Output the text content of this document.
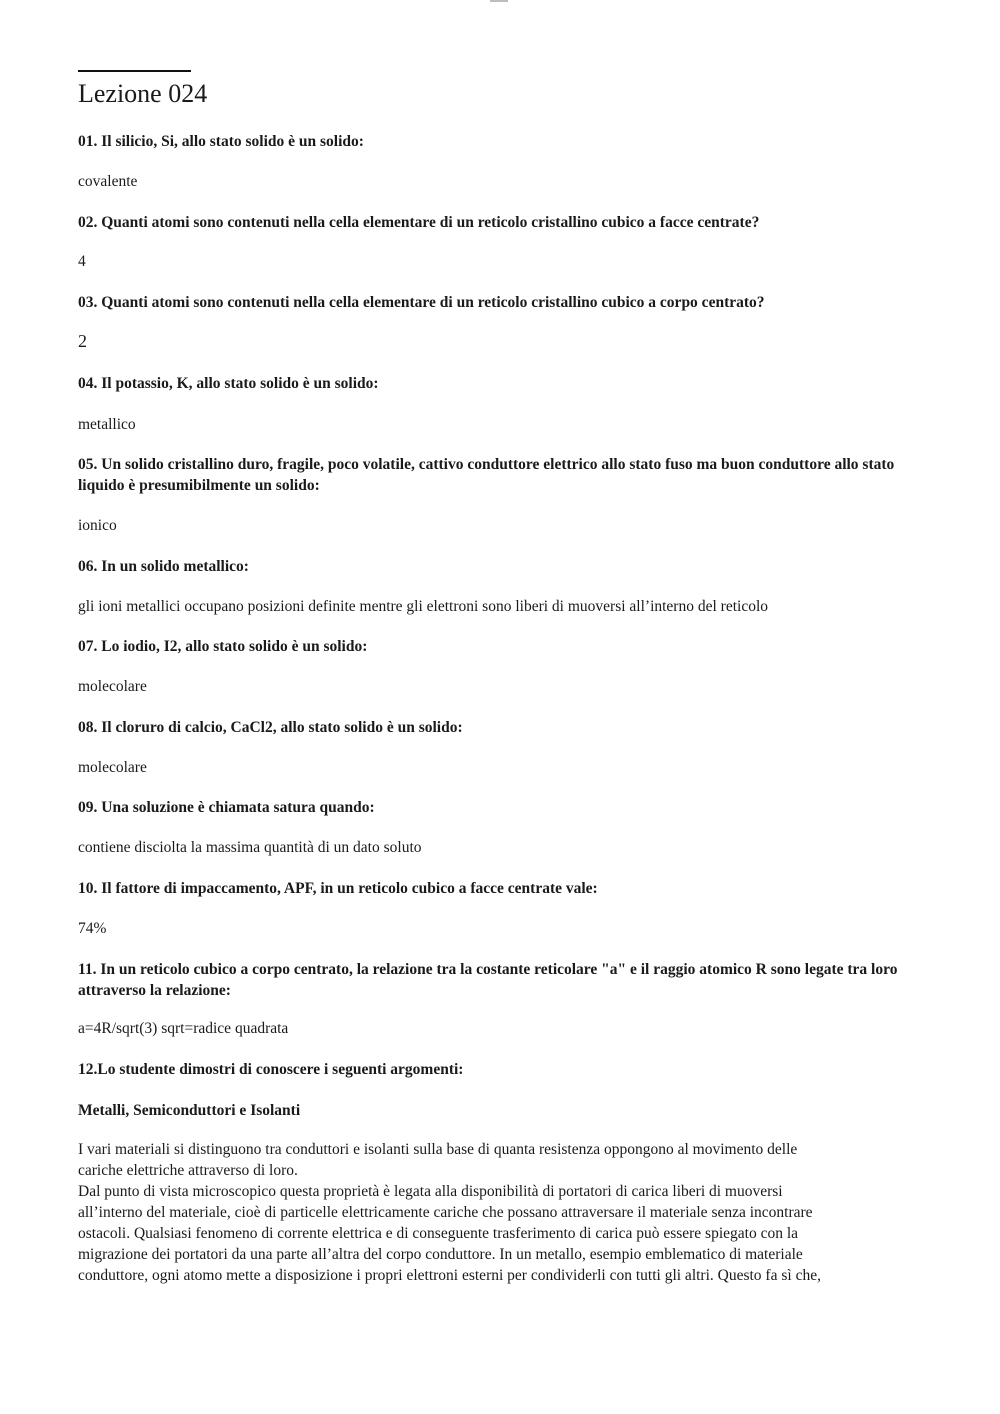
Lezione 024
01. Il silicio, Si, allo stato solido è un solido:
covalente
02. Quanti atomi sono contenuti nella cella elementare di un reticolo cristallino cubico a facce centrate?
4
03. Quanti atomi sono contenuti nella cella elementare di un reticolo cristallino cubico a corpo centrato?
2
04. Il potassio, K, allo stato solido è un solido:
metallico
05. Un solido cristallino duro, fragile, poco volatile, cattivo conduttore elettrico allo stato fuso ma buon conduttore allo stato liquido è presumibilmente un solido:
ionico
06. In un solido metallico:
gli ioni metallici occupano posizioni definite mentre gli elettroni sono liberi di muoversi all’interno del reticolo
07. Lo iodio, I2, allo stato solido è un solido:
molecolare
08. Il cloruro di calcio, CaCl2, allo stato solido è un solido:
molecolare
09. Una soluzione è chiamata satura quando:
contiene disciolta la massima quantità di un dato soluto
10. Il fattore di impaccamento, APF, in un reticolo cubico a facce centrate vale:
74%
11. In un reticolo cubico a corpo centrato, la relazione tra la costante reticolare "a" e il raggio atomico R sono legate tra loro attraverso la relazione:
a=4R/sqrt(3) sqrt=radice quadrata
12.Lo studente dimostri di conoscere i seguenti argomenti:
Metalli, Semiconduttori e Isolanti
I vari materiali si distinguono tra conduttori e isolanti sulla base di quanta resistenza oppongono al movimento delle
cariche elettriche attraverso di loro.
Dal punto di vista microscopico questa proprietà è legata alla disponibilità di portatori di carica liberi di muoversi
all’interno del materiale, cioè di particelle elettricamente cariche che possano attraversare il materiale senza incontrare
ostacoli. Qualsiasi fenomeno di corrente elettrica e di conseguente trasferimento di carica può essere spiegato con la
migrazione dei portatori da una parte all’altra del corpo conduttore. In un metallo, esempio emblematico di materiale
conduttore, ogni atomo mette a disposizione i propri elettroni esterni per condividerli con tutti gli altri. Questo fa sì che,
